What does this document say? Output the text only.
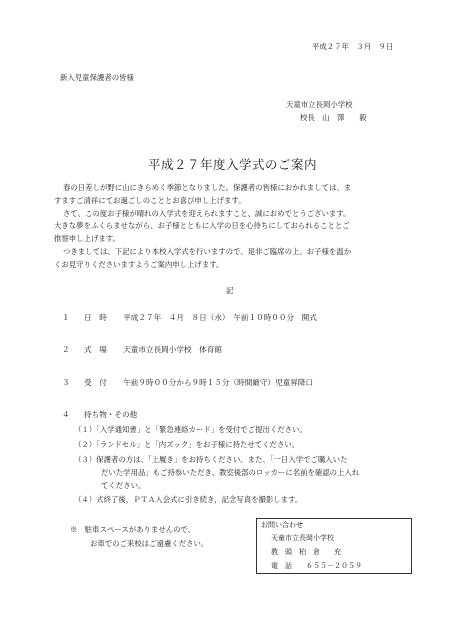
平成２７年　３月　９日
新入児童保護者の皆様
天童市立長岡小学校
校長　山　澤　　毅
平成２７年度入学式のご案内
春の日差しが野に山にきらめく季節となりました。保護者の皆様におかれましては、ま
すますご清祥にてお過ごしのこととお喜び申し上げます。
さて、この度お子様が晴れの入学式を迎えられますこと、誠におめでとうございます。
大きな夢をふくらませながら、お子様とともに入学の日を心待ちにしておられることとご
推察申し上げます。
つきましては、下記により本校入学式を行いますので、是非ご臨席の上、お子様を温か
くお見守りくださいますようご案内申し上げます。
記
１ 日　時 平成２７年　４月　８日（水）　午前１０時００分　開式
２ 式　場 天童市立長岡小学校　体育館
３ 受　付 午前９時００分から９時１５分（時間厳守）児童昇降口
４ 持ち物・その他
（１）「入学通知書」と「緊急連絡カード」を受付でご提出ください。
（２）「ランドセル」と「内ズック」をお子様に持たせてください。
（３）保護者の方は、「上履き」をお持ちください。また、「一日入学でご購入いた
だいた学用品」もご持参いただき、教室後部のロッカーに名前を確認の上入れ
てください。
（４）式終了後，ＰＴＡ入会式に引き続き，記念写真を撮影します。
※　駐車スペースがありませんので、
お車でのご来校はご遠慮ください。
お問い合わせ
天童市立長岡小学校
教　頭　柏　倉　　充
電　話　　６５５－２０５９
